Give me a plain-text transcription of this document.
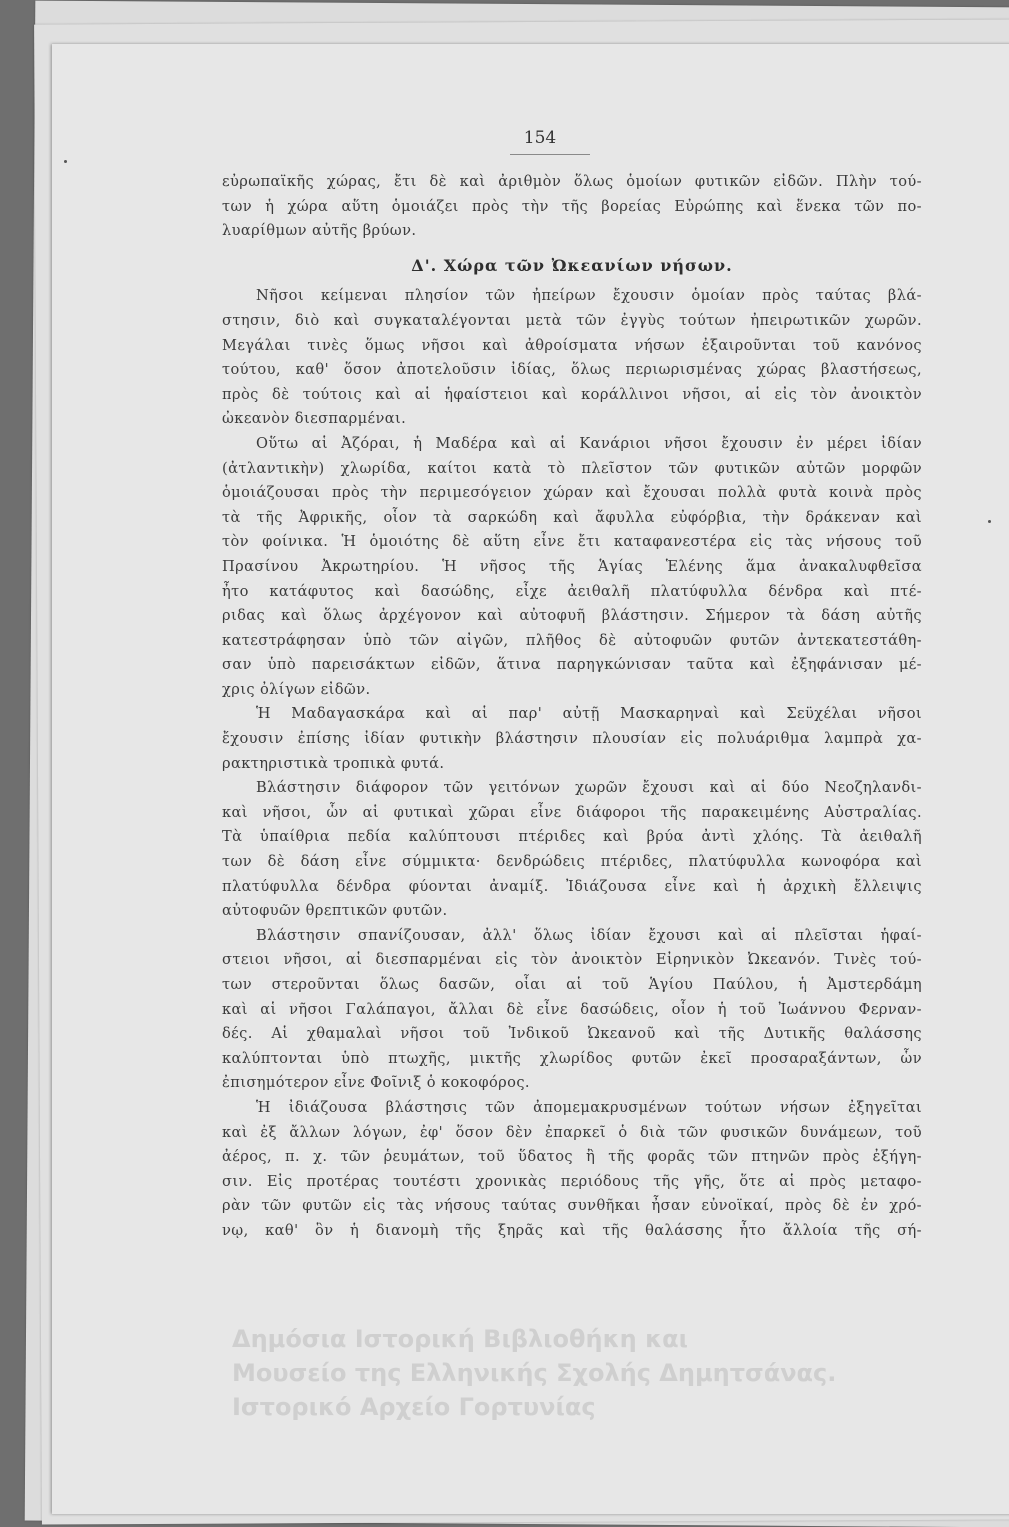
154
εὐρωπαϊκῆς χώρας, ἔτι δὲ καὶ ἀριθμὸν ὅλως ὁμοίων φυτικῶν εἰδῶν. Πλὴν τού-
των ἡ χώρα αὕτη ὁμοιάζει πρὸς τὴν τῆς βορείας Εὐρώπης καὶ ἕνεκα τῶν πο-
λυαρίθμων αὐτῆς βρύων.
Δ'. Χώρα τῶν Ὠκεανίων νήσων.
Νῆσοι κείμεναι πλησίον τῶν ἠπείρων ἔχουσιν ὁμοίαν πρὸς ταύτας βλά-
στησιν, διὸ καὶ συγκαταλέγονται μετὰ τῶν ἐγγὺς τούτων ἠπειρωτικῶν χωρῶν.
Μεγάλαι τινὲς ὅμως νῆσοι καὶ ἀθροίσματα νήσων ἐξαιροῦνται τοῦ κανόνος
τούτου, καθ' ὅσον ἀποτελοῦσιν ἰδίας, ὅλως περιωρισμένας χώρας βλαστήσεως,
πρὸς δὲ τούτοις καὶ αἱ ἡφαίστειοι καὶ κοράλλινοι νῆσοι, αἱ εἰς τὸν ἀνοικτὸν
ὠκεανὸν διεσπαρμέναι.
Οὕτω αἱ Ἀζόραι, ἡ Μαδέρα καὶ αἱ Κανάριοι νῆσοι ἔχουσιν ἐν μέρει ἰδίαν
(ἀτλαντικὴν) χλωρίδα, καίτοι κατὰ τὸ πλεῖστον τῶν φυτικῶν αὐτῶν μορφῶν
ὁμοιάζουσαι πρὸς τὴν περιμεσόγειον χώραν καὶ ἔχουσαι πολλὰ φυτὰ κοινὰ πρὸς
τὰ τῆς Ἀφρικῆς, οἷον τὰ σαρκώδη καὶ ἄφυλλα εὐφόρβια, τὴν δράκεναν καὶ
τὸν φοίνικα. Ἡ ὁμοιότης δὲ αὕτη εἶνε ἔτι καταφανεστέρα εἰς τὰς νήσους τοῦ
Πρασίνου Ἀκρωτηρίου. Ἡ νῆσος τῆς Ἁγίας Ἑλένης ἅμα ἀνακαλυφθεῖσα
ἦτο κατάφυτος καὶ δασώδης, εἶχε ἀειθαλῆ πλατύφυλλα δένδρα καὶ πτέ-
ριδας καὶ ὅλως ἀρχέγονον καὶ αὐτοφυῆ βλάστησιν. Σήμερον τὰ δάση αὐτῆς
κατεστράφησαν ὑπὸ τῶν αἰγῶν, πλῆθος δὲ αὐτοφυῶν φυτῶν ἀντεκατεστάθη-
σαν ὑπὸ παρεισάκτων εἰδῶν, ἅτινα παρηγκώνισαν ταῦτα καὶ ἐξηφάνισαν μέ-
χρις ὀλίγων εἰδῶν.
Ἡ Μαδαγασκάρα καὶ αἱ παρ' αὐτῇ Μασκαρηναὶ καὶ Σεϋχέλαι νῆσοι
ἔχουσιν ἐπίσης ἰδίαν φυτικὴν βλάστησιν πλουσίαν εἰς πολυάριθμα λαμπρὰ χα-
ρακτηριστικὰ τροπικὰ φυτά.
Βλάστησιν διάφορον τῶν γειτόνων χωρῶν ἔχουσι καὶ αἱ δύο Νεοζηλανδι-
καὶ νῆσοι, ὧν αἱ φυτικαὶ χῶραι εἶνε διάφοροι τῆς παρακειμένης Αὐστραλίας.
Τὰ ὑπαίθρια πεδία καλύπτουσι πτέριδες καὶ βρύα ἀντὶ χλόης. Τὰ ἀειθαλῆ
των δὲ δάση εἶνε σύμμικτα· δενδρώδεις πτέριδες, πλατύφυλλα κωνοφόρα καὶ
πλατύφυλλα δένδρα φύονται ἀναμίξ. Ἰδιάζουσα εἶνε καὶ ἡ ἀρχικὴ ἔλλειψις
αὐτοφυῶν θρεπτικῶν φυτῶν.
Βλάστησιν σπανίζουσαν, ἀλλ' ὅλως ἰδίαν ἔχουσι καὶ αἱ πλεῖσται ἡφαί-
στειοι νῆσοι, αἱ διεσπαρμέναι εἰς τὸν ἀνοικτὸν Εἰρηνικὸν Ὠκεανόν. Τινὲς τού-
των στεροῦνται ὅλως δασῶν, οἷαι αἱ τοῦ Ἁγίου Παύλου, ἡ Ἀμστερδάμη
καὶ αἱ νῆσοι Γαλάπαγοι, ἄλλαι δὲ εἶνε δασώδεις, οἷον ἡ τοῦ Ἰωάννου Φερναν-
δές. Αἱ χθαμαλαὶ νῆσοι τοῦ Ἰνδικοῦ Ὠκεανοῦ καὶ τῆς Δυτικῆς θαλάσσης
καλύπτονται ὑπὸ πτωχῆς, μικτῆς χλωρίδος φυτῶν ἐκεῖ προσαραξάντων, ὧν
ἐπισημότερον εἶνε Φοῖνιξ ὁ κοκοφόρος.
Ἡ ἰδιάζουσα βλάστησις τῶν ἀπομεμακρυσμένων τούτων νήσων ἐξηγεῖται
καὶ ἐξ ἄλλων λόγων, ἐφ' ὅσον δὲν ἐπαρκεῖ ὁ διὰ τῶν φυσικῶν δυνάμεων, τοῦ
ἀέρος, π. χ. τῶν ῥευμάτων, τοῦ ὕδατος ἢ τῆς φορᾶς τῶν πτηνῶν πρὸς ἐξήγη-
σιν. Εἰς προτέρας τουτέστι χρονικὰς περιόδους τῆς γῆς, ὅτε αἱ πρὸς μεταφο-
ρὰν τῶν φυτῶν εἰς τὰς νήσους ταύτας συνθῆκαι ἦσαν εὐνοϊκαί, πρὸς δὲ ἐν χρό-
νῳ, καθ' ὃν ἡ διανομὴ τῆς ξηρᾶς καὶ τῆς θαλάσσης ἦτο ἄλλοία τῆς σή-
Δημόσια Ιστορική Βιβλιοθήκη και
Μουσείο της Ελληνικής Σχολής Δημητσάνας.
Ιστορικό Αρχείο Γορτυνίας
